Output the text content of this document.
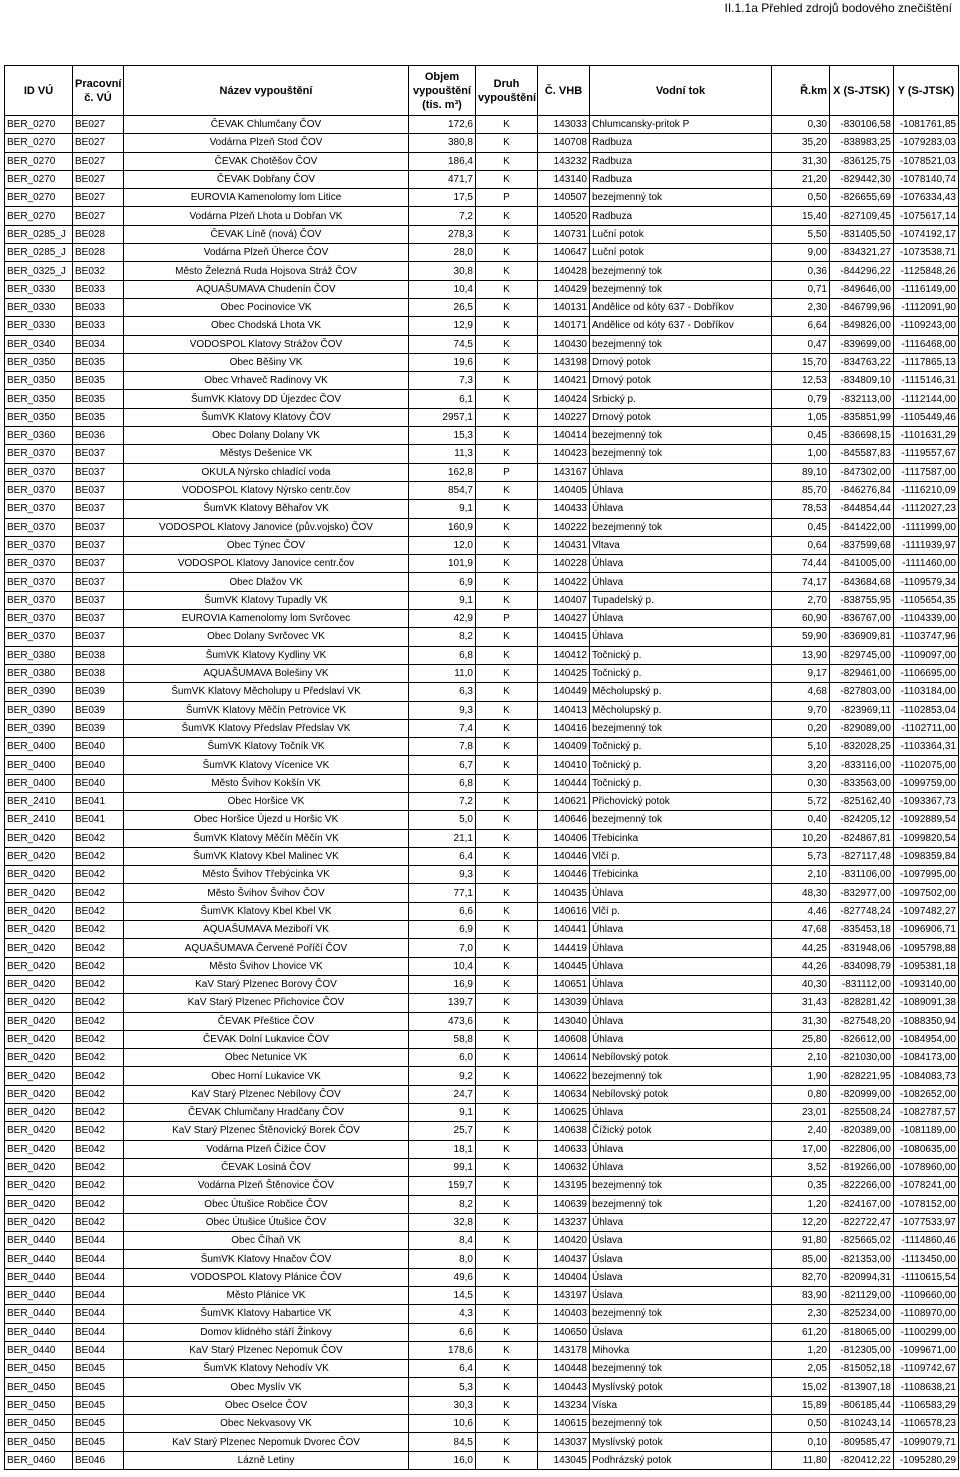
II.1.1a Přehled zdrojů bodového znečištění
ID VÚ	Pracovní č. VÚ	Název vypouštění	Objem vypouštění (tis. m³)	Druh vypouštění	Č. VHB	Vodní tok	Ř.km	X (S-JTSK)	Y (S-JTSK)
BER_0270	BE027	ČEVAK Chlumčany ČOV	172,6	K	143033	Chlumcansky-pritok P	0,30	-830106,58	-1081761,85
BER_0270	BE027	Vodárna Plzeň Stod ČOV	380,8	K	140708	Radbuza	35,20	-838983,25	-1079283,03
BER_0270	BE027	ČEVAK Chotěšov ČOV	186,4	K	143232	Radbuza	31,30	-836125,75	-1078521,03
BER_0270	BE027	ČEVAK Dobřany ČOV	471,7	K	143140	Radbuza	21,20	-829442,30	-1078140,74
BER_0270	BE027	EUROVIA Kamenolomy lom Litice	17,5	P	140507	bezejmenný tok	0,50	-826655,69	-1076334,43
BER_0270	BE027	Vodárna Plzeň Lhota u Dobřan VK	7,2	K	140520	Radbuza	15,40	-827109,45	-1075617,14
BER_0285_J	BE028	ČEVAK Líně (nová) ČOV	278,3	K	140731	Luční potok	5,50	-831405,50	-1074192,17
BER_0285_J	BE028	Vodárna Plzeň Úherce ČOV	28,0	K	140647	Luční potok	9,00	-834321,27	-1073538,71
BER_0325_J	BE032	Město Železná Ruda Hojsova Stráž ČOV	30,8	K	140428	bezejmenný tok	0,36	-844296,22	-1125848,26
BER_0330	BE033	AQUAŠUMAVA Chudenín ČOV	10,4	K	140429	bezejmenný tok	0,71	-849646,00	-1116149,00
BER_0330	BE033	Obec Pocinovice VK	26,5	K	140131	Andělice od kóty 637 - Dobříkov	2,30	-846799,96	-1112091,90
BER_0330	BE033	Obec Chodská Lhota VK	12,9	K	140171	Andělice od kóty 637 - Dobříkov	6,64	-849826,00	-1109243,00
BER_0340	BE034	VODOSPOL Klatovy Strážov ČOV	74,5	K	140430	bezejmenný tok	0,47	-839699,00	-1116468,00
BER_0350	BE035	Obec Běšiny VK	19,6	K	143198	Drnový potok	15,70	-834763,22	-1117865,13
BER_0350	BE035	Obec Vrhaveč Radinovy VK	7,3	K	140421	Drnový potok	12,53	-834809,10	-1115146,31
BER_0350	BE035	ŠumVK Klatovy DD Újezdec ČOV	6,1	K	140424	Srbický p.	0,79	-832113,00	-1112144,00
BER_0350	BE035	ŠumVK Klatovy Klatovy ČOV	2957,1	K	140227	Drnový potok	1,05	-835851,99	-1105449,46
BER_0360	BE036	Obec Dolany Dolany VK	15,3	K	140414	bezejmenný tok	0,45	-836698,15	-1101631,29
BER_0370	BE037	Městys Dešenice VK	11,3	K	140423	bezejmenný tok	1,00	-845587,83	-1119557,67
BER_0370	BE037	OKULA Nýrsko chladící voda	162,8	P	143167	Úhlava	89,10	-847302,00	-1117587,00
BER_0370	BE037	VODOSPOL Klatovy Nýrsko centr.čov	854,7	K	140405	Úhlava	85,70	-846276,84	-1116210,09
BER_0370	BE037	ŠumVK Klatovy Běhařov VK	9,1	K	140433	Úhlava	78,53	-844854,44	-1112027,23
BER_0370	BE037	VODOSPOL Klatovy Janovice (pův.vojsko) ČOV	160,9	K	140222	bezejmenný tok	0,45	-841422,00	-1111999,00
BER_0370	BE037	Obec Týnec ČOV	12,0	K	140431	Vltava	0,64	-837599,68	-1111939,97
BER_0370	BE037	VODOSPOL Klatovy Janovice centr.čov	101,9	K	140228	Úhlava	74,44	-841005,00	-1111460,00
BER_0370	BE037	Obec Dlažov VK	6,9	K	140422	Úhlava	74,17	-843684,68	-1109579,34
BER_0370	BE037	ŠumVK Klatovy Tupadly VK	9,1	K	140407	Tupadelský p.	2,70	-838755,95	-1105654,35
BER_0370	BE037	EUROVIA Kamenolomy lom Svrčovec	42,9	P	140427	Úhlava	60,90	-836767,00	-1104339,00
BER_0370	BE037	Obec Dolany Svrčovec VK	8,2	K	140415	Úhlava	59,90	-836909,81	-1103747,96
BER_0380	BE038	ŠumVK Klatovy Kydliny VK	6,8	K	140412	Točnický p.	13,90	-829745,00	-1109097,00
BER_0380	BE038	AQUAŠUMAVA Bolešiny VK	11,0	K	140425	Točnický p.	9,17	-829461,00	-1106695,00
BER_0390	BE039	ŠumVK Klatovy Měcholupy u Předslaví VK	6,3	K	140449	Měcholupský p.	4,68	-827803,00	-1103184,00
BER_0390	BE039	ŠumVK Klatovy Měčín Petrovice VK	9,3	K	140413	Měcholupský p.	9,70	-823969,11	-1102853,04
BER_0390	BE039	ŠumVK Klatovy Předslav Předslav VK	7,4	K	140416	bezejmenný tok	0,20	-829089,00	-1102711,00
BER_0400	BE040	ŠumVK Klatovy Točník VK	7,8	K	140409	Točnický p.	5,10	-832028,25	-1103364,31
BER_0400	BE040	ŠumVK Klatovy Vícenice VK	6,7	K	140410	Točnický p.	3,20	-833116,00	-1102075,00
BER_0400	BE040	Město Švihov Kokšín VK	6,8	K	140444	Točnický p.	0,30	-833563,00	-1099759,00
BER_2410	BE041	Obec Horšice VK	7,2	K	140621	Přichovický potok	5,72	-825162,40	-1093367,73
BER_2410	BE041	Obec Horšice Újezd u Horšic VK	5,0	K	140646	bezejmenný tok	0,40	-824205,12	-1092889,54
BER_0420	BE042	ŠumVK Klatovy Měčín Měčín VK	21,1	K	140406	Třebicinka	10,20	-824867,81	-1099820,54
BER_0420	BE042	ŠumVK Klatovy Kbel Malinec VK	6,4	K	140446	Vlčí p.	5,73	-827117,48	-1098359,84
BER_0420	BE042	Město Švihov Třebýcinka VK	9,3	K	140446	Třebicinka	2,10	-831106,00	-1097995,00
BER_0420	BE042	Město Švihov Švihov ČOV	77,1	K	140435	Úhlava	48,30	-832977,00	-1097502,00
BER_0420	BE042	ŠumVK Klatovy Kbel Kbel VK	6,6	K	140616	Vlčí p.	4,46	-827748,24	-1097482,27
BER_0420	BE042	AQUAŠUMAVA Meziboří VK	6,9	K	140441	Úhlava	47,68	-835453,18	-1096906,71
BER_0420	BE042	AQUAŠUMAVA Červené Poříčí ČOV	7,0	K	144419	Úhlava	44,25	-831948,06	-1095798,88
BER_0420	BE042	Město Švihov Lhovice VK	10,4	K	140445	Úhlava	44,26	-834098,79	-1095381,18
BER_0420	BE042	KaV Starý Plzenec Borovy ČOV	16,9	K	140651	Úhlava	40,30	-831112,00	-1093140,00
BER_0420	BE042	KaV Starý Plzenec Přichovice ČOV	139,7	K	143039	Úhlava	31,43	-828281,42	-1089091,38
BER_0420	BE042	ČEVAK Přeštice ČOV	473,6	K	143040	Úhlava	31,30	-827548,20	-1088350,94
BER_0420	BE042	ČEVAK Dolní Lukavice ČOV	58,8	K	140608	Úhlava	25,80	-826612,00	-1084954,00
BER_0420	BE042	Obec Netunice VK	6,0	K	140614	Nebílovský potok	2,10	-821030,00	-1084173,00
BER_0420	BE042	Obec Horní Lukavice VK	9,2	K	140622	bezejmenný tok	1,90	-828221,95	-1084083,73
BER_0420	BE042	KaV Starý Plzenec Nebílovy ČOV	24,7	K	140634	Nebílovský potok	0,80	-820999,00	-1082652,00
BER_0420	BE042	ČEVAK Chlumčany Hradčany ČOV	9,1	K	140625	Úhlava	23,01	-825508,24	-1082787,57
BER_0420	BE042	KaV Starý Plzenec Štěnovický Borek ČOV	25,7	K	140638	Čížický potok	2,40	-820389,00	-1081189,00
BER_0420	BE042	Vodárna Plzeň Čižice ČOV	18,1	K	140633	Úhlava	17,00	-822806,00	-1080635,00
BER_0420	BE042	ČEVAK Losiná ČOV	99,1	K	140632	Úhlava	3,52	-819266,00	-1078960,00
BER_0420	BE042	Vodárna Plzeň Štěnovice ČOV	159,7	K	143195	bezejmenný tok	0,35	-822266,00	-1078241,00
BER_0420	BE042	Obec Útušice Robčice ČOV	8,2	K	140639	bezejmenný tok	1,20	-824167,00	-1078152,00
BER_0420	BE042	Obec Útušice Útušice ČOV	32,8	K	143237	Úhlava	12,20	-822722,47	-1077533,97
BER_0440	BE044	Obec Číhaň VK	8,4	K	140420	Úslava	91,80	-825665,02	-1114860,46
BER_0440	BE044	ŠumVK Klatovy Hnačov ČOV	8,0	K	140437	Úslava	85,00	-821353,00	-1113450,00
BER_0440	BE044	VODOSPOL Klatovy Plánice ČOV	49,6	K	140404	Úslava	82,70	-820994,31	-1110615,54
BER_0440	BE044	Město Plánice VK	14,5	K	143197	Úslava	83,90	-821129,00	-1109660,00
BER_0440	BE044	ŠumVK Klatovy Habartice VK	4,3	K	140403	bezejmenný tok	2,30	-825234,00	-1108970,00
BER_0440	BE044	Domov klidného stáří Žinkovy	6,6	K	140650	Úslava	61,20	-818065,00	-1100299,00
BER_0440	BE044	KaV Starý Plzenec Nepomuk ČOV	178,6	K	143178	Mihovka	1,20	-812305,00	-1099671,00
BER_0450	BE045	ŠumVK Klatovy Nehodív VK	6,4	K	140448	bezejmenný tok	2,05	-815052,18	-1109742,67
BER_0450	BE045	Obec Myslív VK	5,3	K	140443	Myslívský potok	15,02	-813907,18	-1108638,21
BER_0450	BE045	Obec Oselce ČOV	30,3	K	143234	Víska	15,89	-806185,44	-1106583,29
BER_0450	BE045	Obec Nekvasovy VK	10,6	K	140615	bezejmenný tok	0,50	-810243,14	-1106578,23
BER_0450	BE045	KaV Starý Plzenec Nepomuk Dvorec ČOV	84,5	K	143037	Myslívský potok	0,10	-809585,47	-1099079,71
BER_0460	BE046	Lázně Letiny	16,0	K	143045	Podhrázský potok	11,80	-820412,22	-1095280,29
